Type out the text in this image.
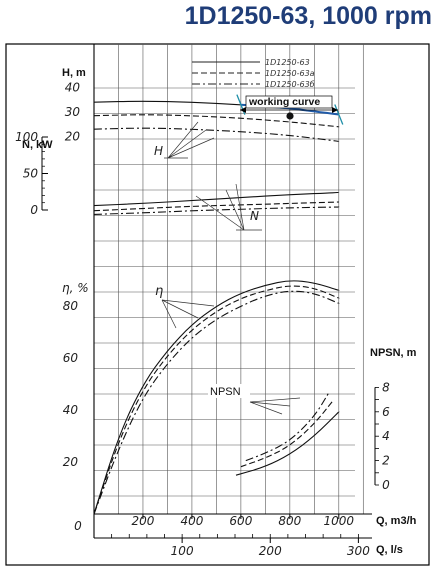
1D1250-63, 1000 rpm
0	200 400 600 800 1000
100	200	300
20
30
40
0
50
100
20
40
60
80
0
2
4
6
8
1D1250-63
1D1250-63a
1D1250-63б
H, m
N, kW
η, %
NPSN, m
Q, m3/h
Q, l/s
working curve
H
N
η
NPSN
